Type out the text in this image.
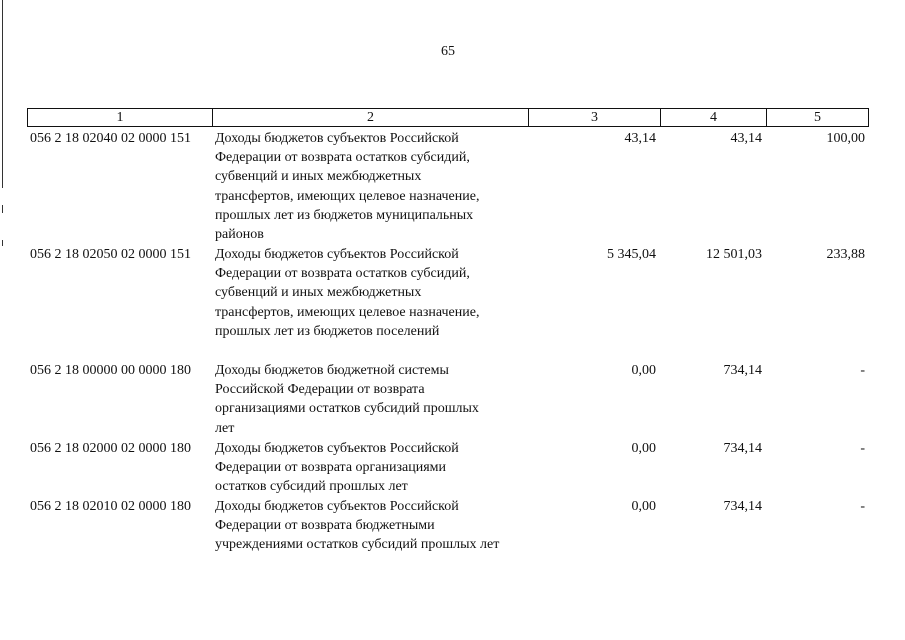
65
1	2	3	4	5
056 2 18 02040 02 0000 151	Доходы бюджетов субъектов Российской
Федерации от возврата остатков субсидий,
субвенций и иных межбюджетных
трансфертов, имеющих целевое назначение,
прошлых лет из бюджетов муниципальных
районов
43,14	43,14	100,00
056 2 18 02050 02 0000 151	Доходы бюджетов субъектов Российской
Федерации от возврата остатков субсидий,
субвенций и иных межбюджетных
трансфертов, имеющих целевое назначение,
прошлых лет из бюджетов поселений
5 345,04	12 501,03	233,88
056 2 18 00000 00 0000 180	Доходы бюджетов бюджетной системы
Российской Федерации от возврата
организациями остатков субсидий прошлых
лет
0,00	734,14	-
056 2 18 02000 02 0000 180	Доходы бюджетов субъектов Российской
Федерации от возврата организациями
остатков субсидий прошлых лет
0,00	734,14	-
056 2 18 02010 02 0000 180	Доходы бюджетов субъектов Российской
Федерации от возврата бюджетными
учреждениями остатков субсидий прошлых лет
0,00	734,14	-
